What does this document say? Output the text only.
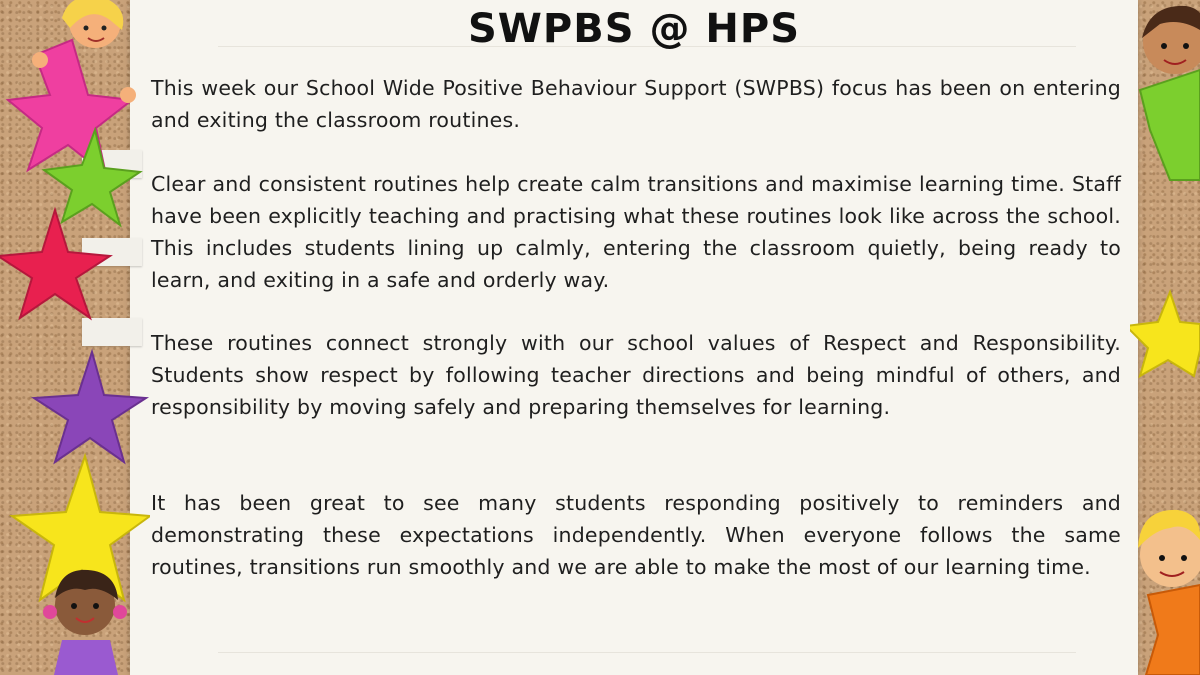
SWPBS @ HPS

This week our School Wide Positive Behaviour Support (SWPBS) focus has been on entering and exiting the classroom routines.

Clear and consistent routines help create calm transitions and maximise learning time. Staff have been explicitly teaching and practising what these routines look like across the school. This includes students lining up calmly, entering the classroom quietly, being ready to learn, and exiting in a safe and orderly way.

These routines connect strongly with our school values of Respect and Responsibility. Students show respect by following teacher directions and being mindful of others, and responsibility by moving safely and preparing themselves for learning.

It has been great to see many students responding positively to reminders and demonstrating these expectations independently. When everyone follows the same routines, transitions run smoothly and we are able to make the most of our learning time.
